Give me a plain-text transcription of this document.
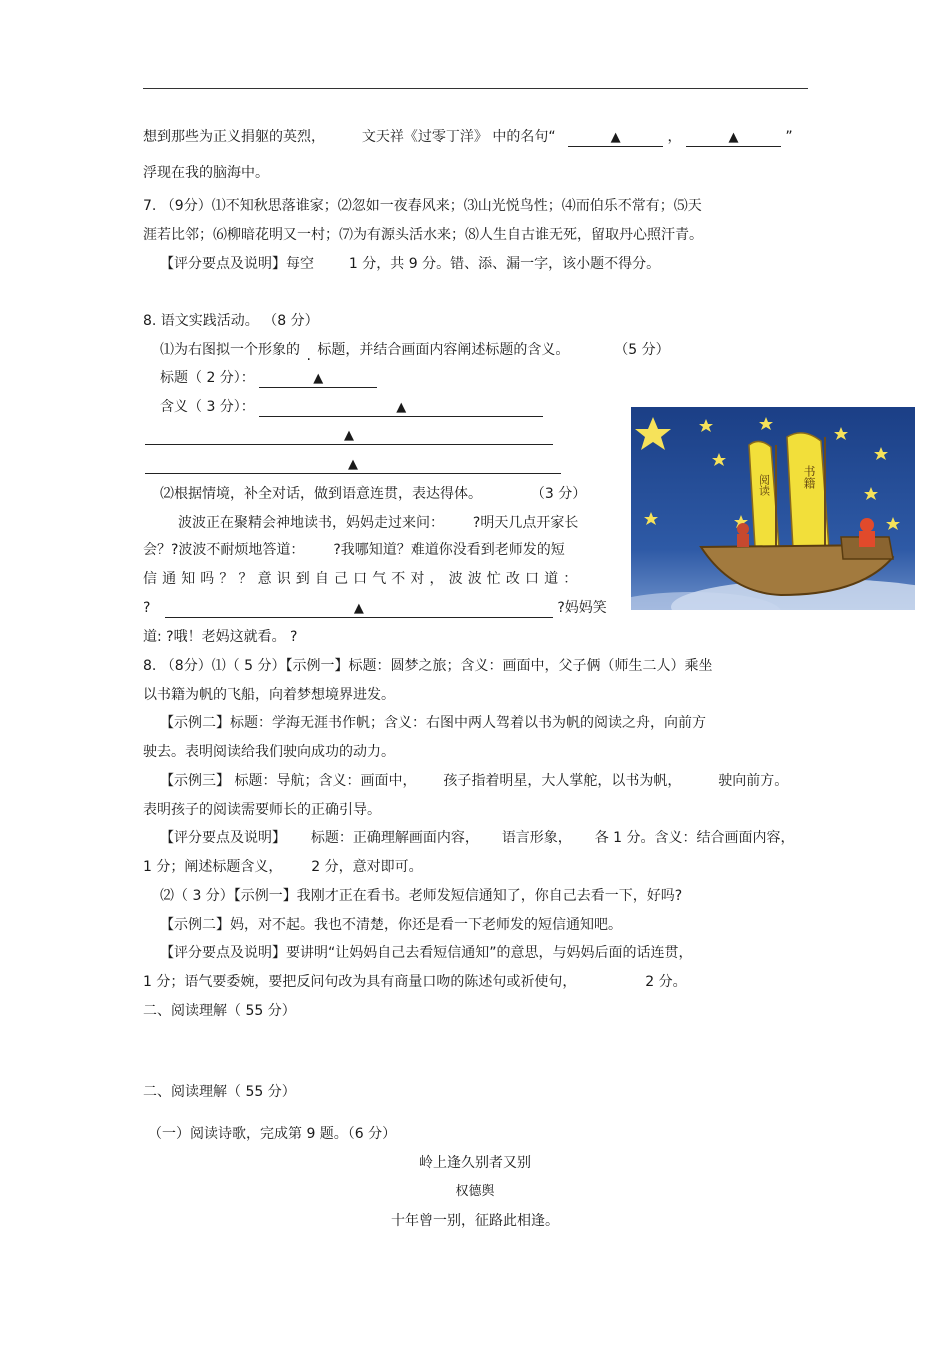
想到那些为正义捐躯的英烈，	文天祥《过零丁洋》 中的名句“	▲	，	▲	”
浮现在我的脑海中。
7. （9分）⑴不知秋思落谁家；⑵忽如一夜春风来；⑶山光悦鸟性；⑷而伯乐不常有；⑸天
涯若比邻；⑹柳暗花明又一村；⑺为有源头活水来；⑻人生自古谁无死，留取丹心照汗青。
【评分要点及说明】每空 1 分，共 9 分。错、添、漏一字，该小题不得分。
8. 语文实践活动。 （8 分）
⑴为右图拟一个形象的 . 标题，并结合画面内容阐述标题的含义。	（5 分）
标题（ 2 分）：	▲
含义（ 3 分）：	▲
▲
▲
⑵根据情境，补全对话，做到语意连贯，表达得体。	（3 分）
波波正在聚精会神地读书，妈妈走过来问： ?明天几点开家长
会？?波波不耐烦地答道： ?我哪知道？难道你没看到老师发的短
信通知吗？？意识到自己口气不对，波波忙改口道：
?	▲	?妈妈笑
道: ?哦！老妈这就看。 ?
阅读	书籍
8. （8分）⑴（ 5 分）【示例一】标题：圆梦之旅；含义：画面中，父子俩（师生二人）乘坐
以书籍为帆的飞船，向着梦想境界进发。
【示例二】标题：学海无涯书作帆；含义：右图中两人驾着以书为帆的阅读之舟，向前方
驶去。表明阅读给我们驶向成功的动力。
【示例三】 标题：导航；含义：画面中， 孩子指着明星，大人掌舵，以书为帆，	驶向前方。
表明孩子的阅读需要师长的正确引导。
【评分要点及说明】 标题：正确理解画面内容， 语言形象， 各 1 分。含义：结合画面内容，
1 分；阐述标题含义， 2 分，意对即可。
⑵（ 3 分）【示例一】我刚才正在看书。老师发短信通知了，你自己去看一下，好吗?
【示例二】妈，对不起。我也不清楚，你还是看一下老师发的短信通知吧。
【评分要点及说明】要讲明“让妈妈自己去看短信通知”的意思，与妈妈后面的话连贯，
1 分；语气要委婉，要把反问句改为具有商量口吻的陈述句或祈使句，	2 分。
二、阅读理解（ 55 分）
二、阅读理解（ 55 分）
（一）阅读诗歌，完成第 9 题。（6 分）
岭上逢久别者又别
权德舆
十年曾一别，征路此相逢。
